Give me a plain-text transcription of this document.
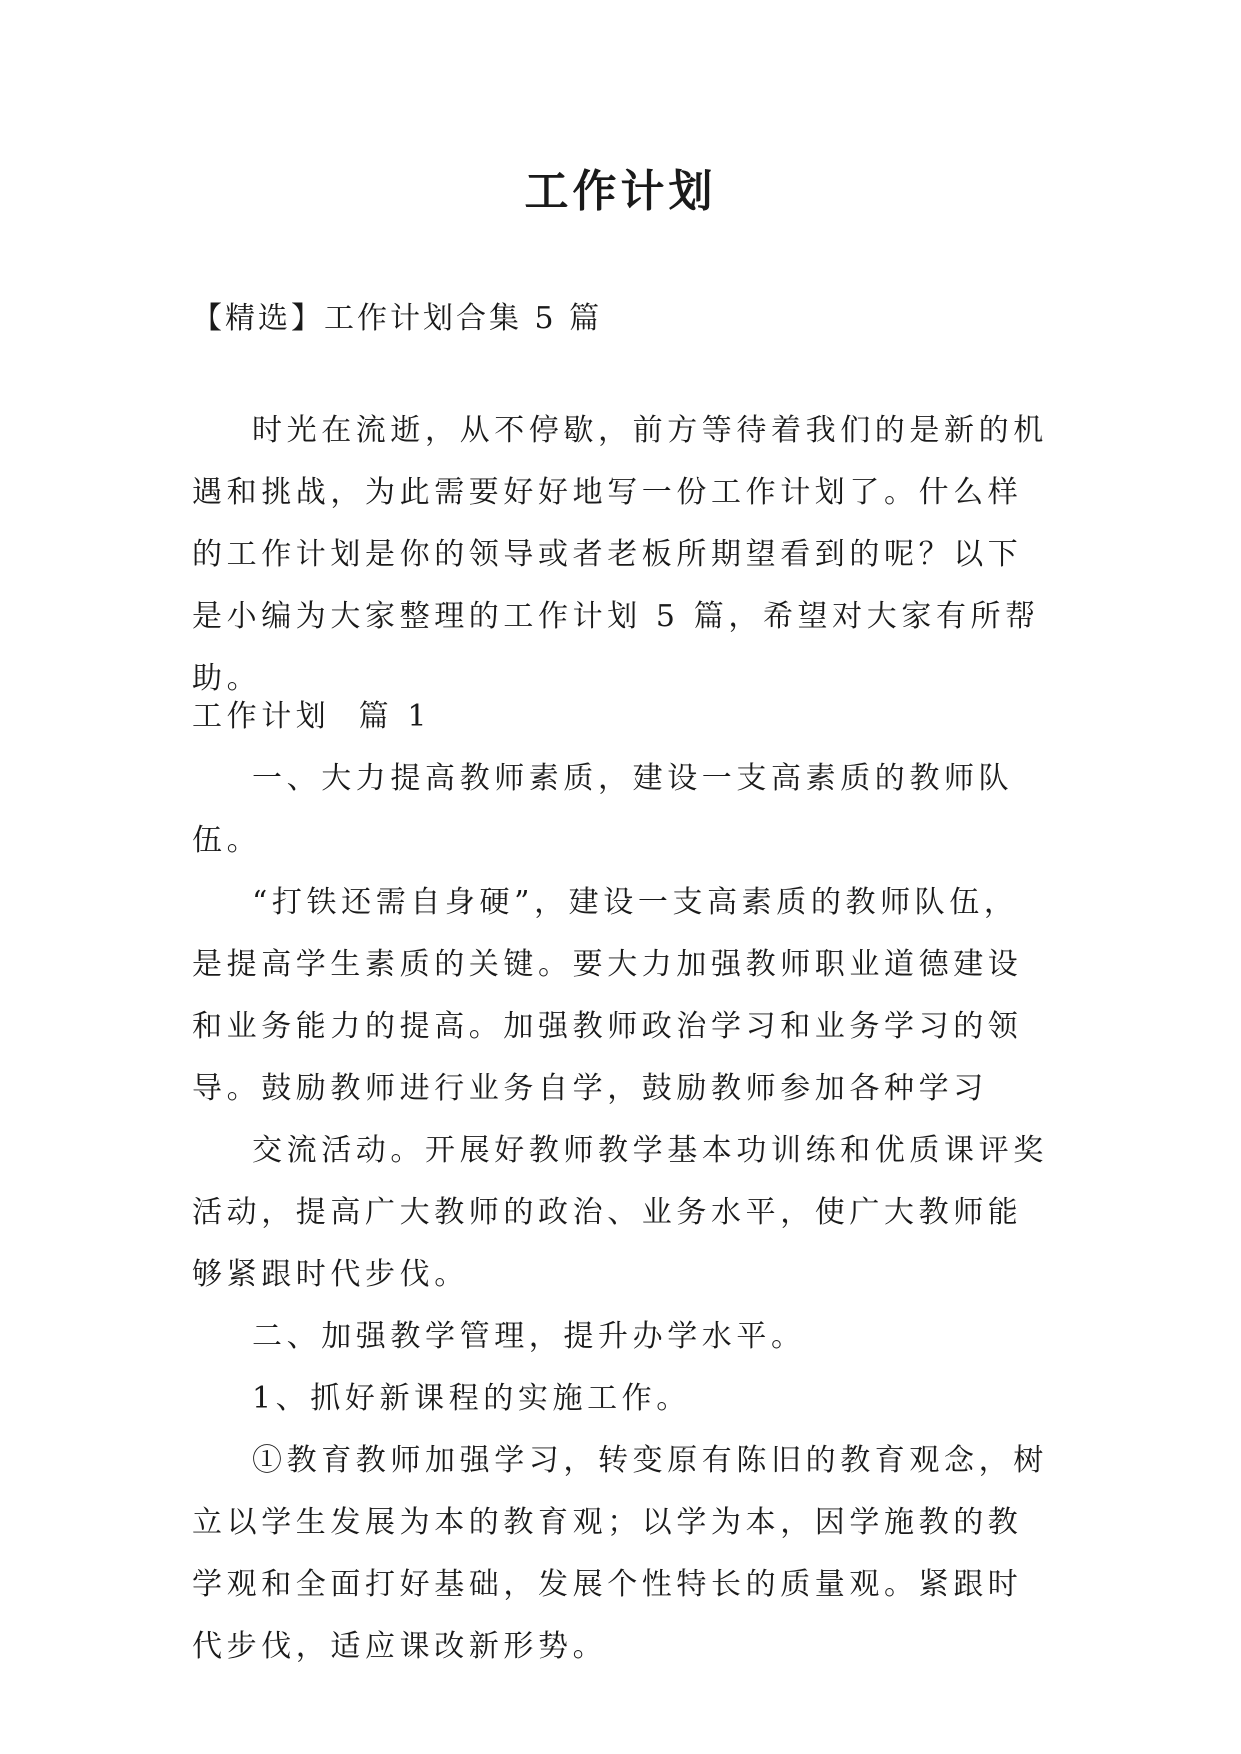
工作计划

【精选】工作计划合集 5 篇

时光在流逝，从不停歇，前方等待着我们的是新的机遇和挑战，为此需要好好地写一份工作计划了。什么样的工作计划是你的领导或者老板所期望看到的呢？以下是小编为大家整理的工作计划 5 篇，希望对大家有所帮助。

工作计划  篇 1

一、大力提高教师素质，建设一支高素质的教师队伍。

“打铁还需自身硬”，建设一支高素质的教师队伍，是提高学生素质的关键。要大力加强教师职业道德建设和业务能力的提高。加强教师政治学习和业务学习的领导。鼓励教师进行业务自学，鼓励教师参加各种学习

交流活动。开展好教师教学基本功训练和优质课评奖活动，提高广大教师的政治、业务水平，使广大教师能够紧跟时代步伐。

二、加强教学管理，提升办学水平。

1、抓好新课程的实施工作。

①教育教师加强学习，转变原有陈旧的教育观念，树立以学生发展为本的教育观；以学为本，因学施教的教学观和全面打好基础，发展个性特长的质量观。紧跟时代步伐，适应课改新形势。
